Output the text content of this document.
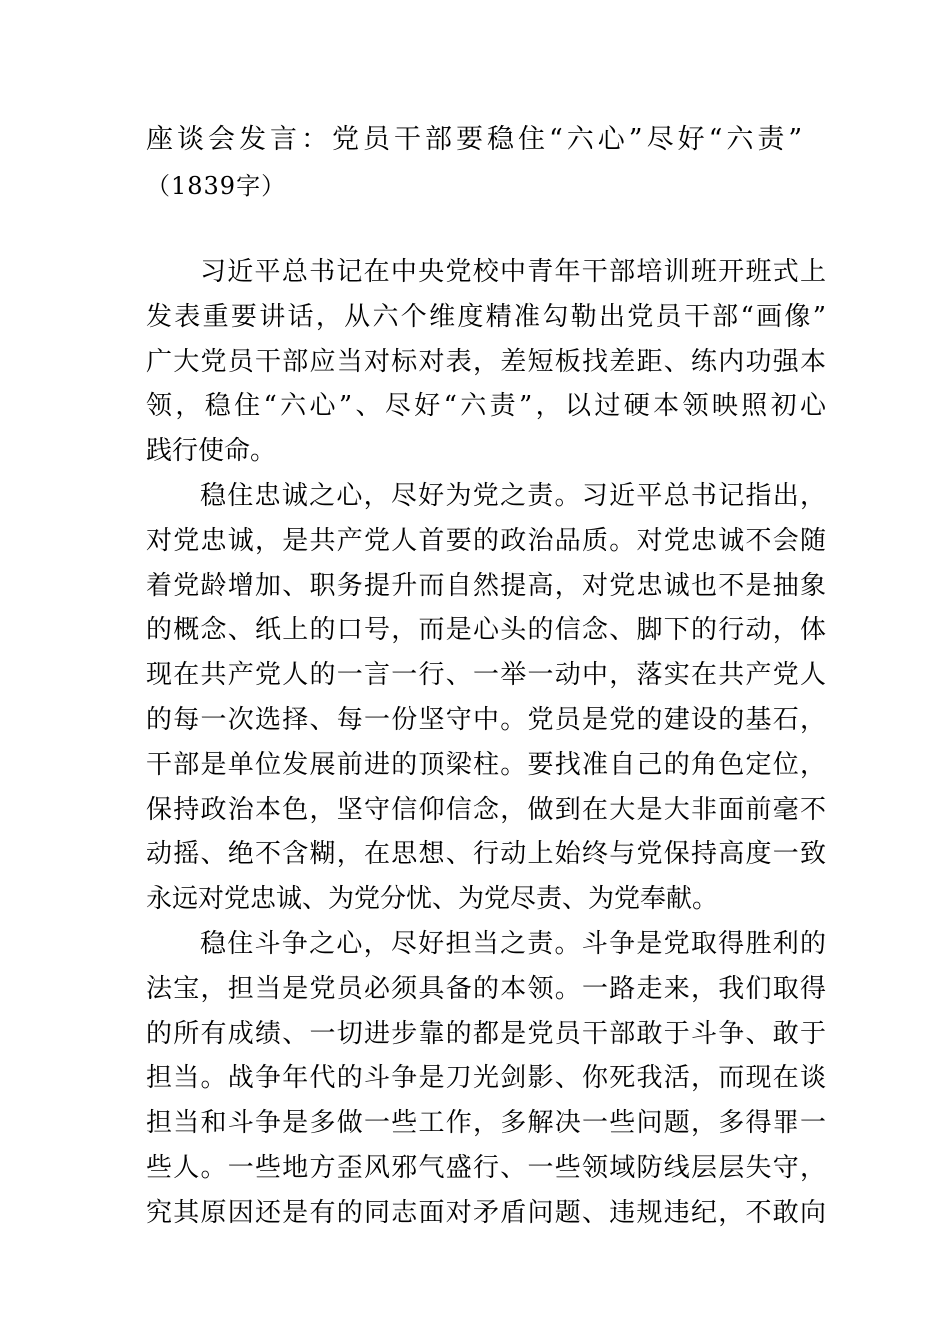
座谈会发言：党员干部要稳住“六心”尽好“六责”
（1839字）
习近平总书记在中央党校中青年干部培训班开班式上
发表重要讲话，从六个维度精准勾勒出党员干部“画像”
广大党员干部应当对标对表，差短板找差距、练内功强本
领，稳住“六心”、尽好“六责”，以过硬本领映照初心
践行使命。
稳住忠诚之心，尽好为党之责。习近平总书记指出，
对党忠诚，是共产党人首要的政治品质。对党忠诚不会随
着党龄增加、职务提升而自然提高，对党忠诚也不是抽象
的概念、纸上的口号，而是心头的信念、脚下的行动，体
现在共产党人的一言一行、一举一动中，落实在共产党人
的每一次选择、每一份坚守中。党员是党的建设的基石，
干部是单位发展前进的顶梁柱。要找准自己的角色定位，
保持政治本色，坚守信仰信念，做到在大是大非面前毫不
动摇、绝不含糊，在思想、行动上始终与党保持高度一致
永远对党忠诚、为党分忧、为党尽责、为党奉献。
稳住斗争之心，尽好担当之责。斗争是党取得胜利的
法宝，担当是党员必须具备的本领。一路走来，我们取得
的所有成绩、一切进步靠的都是党员干部敢于斗争、敢于
担当。战争年代的斗争是刀光剑影、你死我活，而现在谈
担当和斗争是多做一些工作，多解决一些问题，多得罪一
些人。一些地方歪风邪气盛行、一些领域防线层层失守，
究其原因还是有的同志面对矛盾问题、违规违纪，不敢向
